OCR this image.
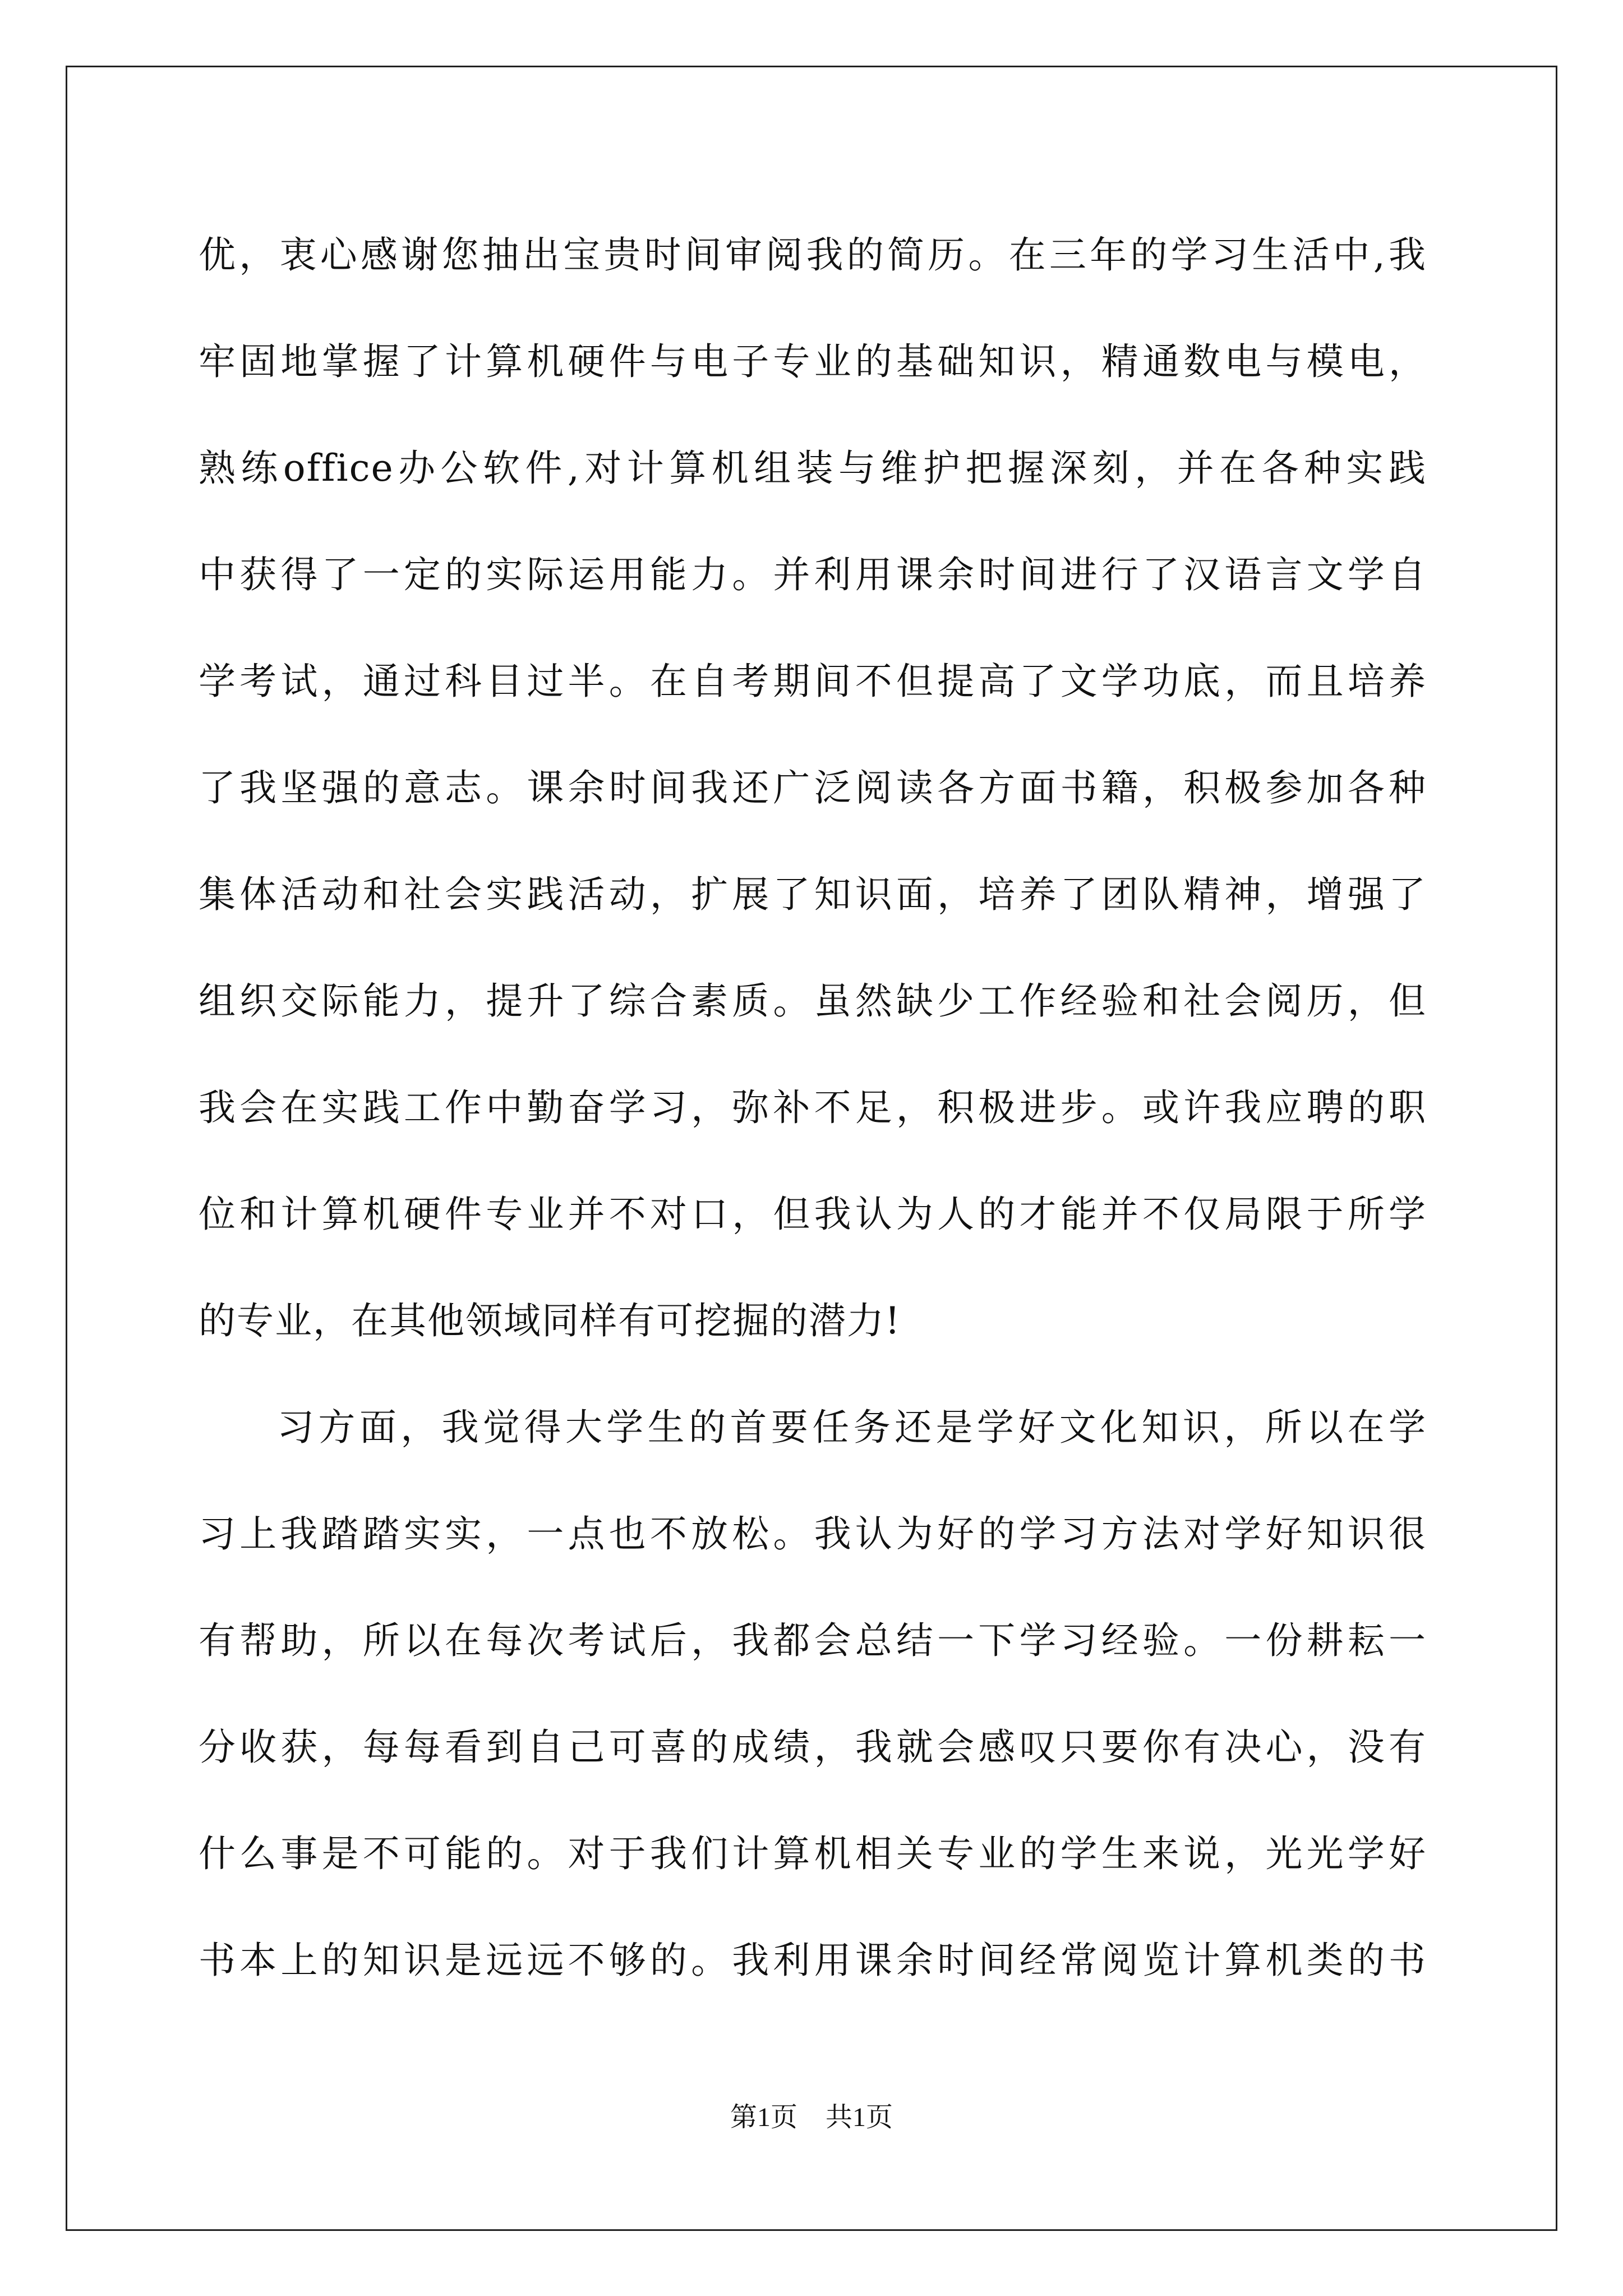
优，衷心感谢您抽出宝贵时间审阅我的简历。在三年的学习生活中,我
牢固地掌握了计算机硬件与电子专业的基础知识，精通数电与模电，
熟练office办公软件,对计算机组装与维护把握深刻，并在各种实践
中获得了一定的实际运用能力。并利用课余时间进行了汉语言文学自
学考试，通过科目过半。在自考期间不但提高了文学功底，而且培养
了我坚强的意志。课余时间我还广泛阅读各方面书籍，积极参加各种
集体活动和社会实践活动，扩展了知识面，培养了团队精神，增强了
组织交际能力，提升了综合素质。虽然缺少工作经验和社会阅历，但
我会在实践工作中勤奋学习，弥补不足，积极进步。或许我应聘的职
位和计算机硬件专业并不对口，但我认为人的才能并不仅局限于所学
的专业，在其他领域同样有可挖掘的潜力!
习方面，我觉得大学生的首要任务还是学好文化知识，所以在学
习上我踏踏实实，一点也不放松。我认为好的学习方法对学好知识很
有帮助，所以在每次考试后，我都会总结一下学习经验。一份耕耘一
分收获，每每看到自己可喜的成绩，我就会感叹只要你有决心，没有
什么事是不可能的。对于我们计算机相关专业的学生来说，光光学好
书本上的知识是远远不够的。我利用课余时间经常阅览计算机类的书
第1页 共1页
